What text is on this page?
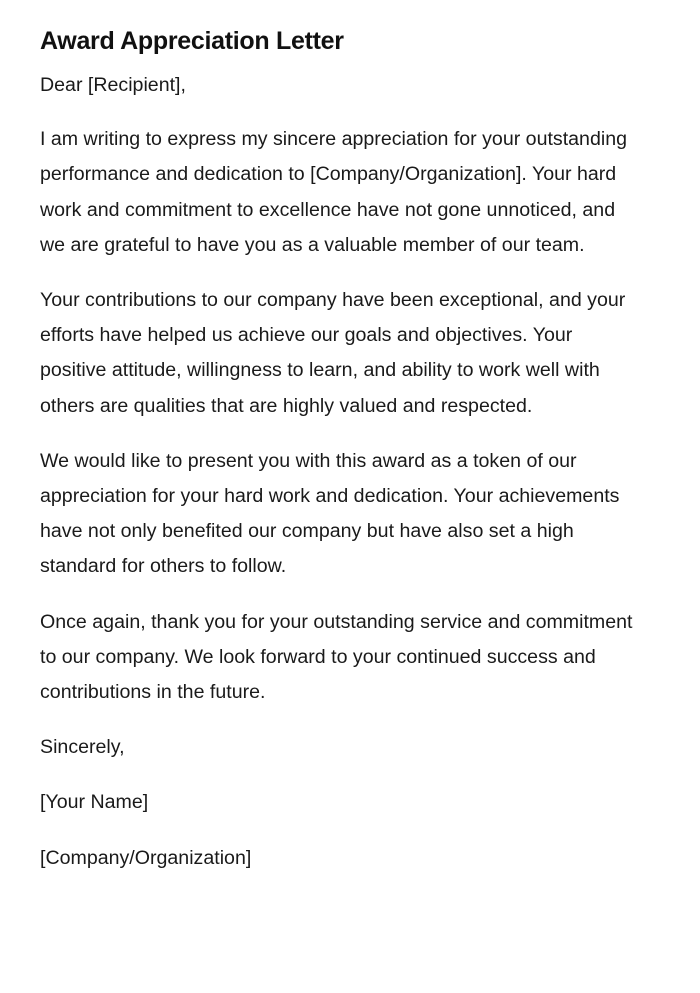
Award Appreciation Letter

Dear [Recipient],

I am writing to express my sincere appreciation for your outstanding performance and dedication to [Company/Organization]. Your hard work and commitment to excellence have not gone unnoticed, and we are grateful to have you as a valuable member of our team.

Your contributions to our company have been exceptional, and your efforts have helped us achieve our goals and objectives. Your positive attitude, willingness to learn, and ability to work well with others are qualities that are highly valued and respected.

We would like to present you with this award as a token of our appreciation for your hard work and dedication. Your achievements have not only benefited our company but have also set a high standard for others to follow.

Once again, thank you for your outstanding service and commitment to our company. We look forward to your continued success and contributions in the future.

Sincerely,

[Your Name]

[Company/Organization]
